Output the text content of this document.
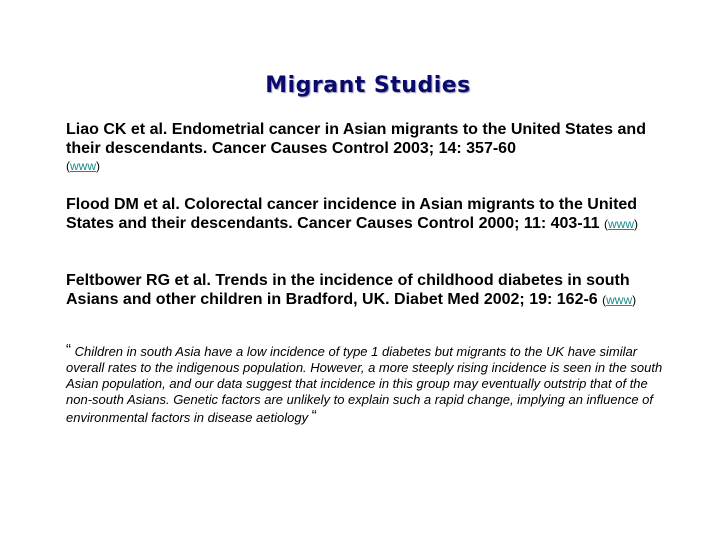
Migrant Studies

Liao CK et al. Endometrial cancer in Asian migrants to the United States and their descendants. Cancer Causes Control 2003; 14: 357-60
(www)

Flood DM et al. Colorectal cancer incidence in Asian migrants to the United States and their descendants. Cancer Causes Control 2000; 11: 403-11 (www)

Feltbower RG et al. Trends in the incidence of childhood diabetes in south Asians and other children in Bradford, UK. Diabet Med 2002; 19: 162-6 (www)

“ Children in south Asia have a low incidence of type 1 diabetes but migrants to the UK have similar overall rates to the indigenous population. However, a more steeply rising incidence is seen in the south Asian population, and our data suggest that incidence in this group may eventually outstrip that of the non-south Asians. Genetic factors are unlikely to explain such a rapid change, implying an influence of environmental factors in disease aetiology “
